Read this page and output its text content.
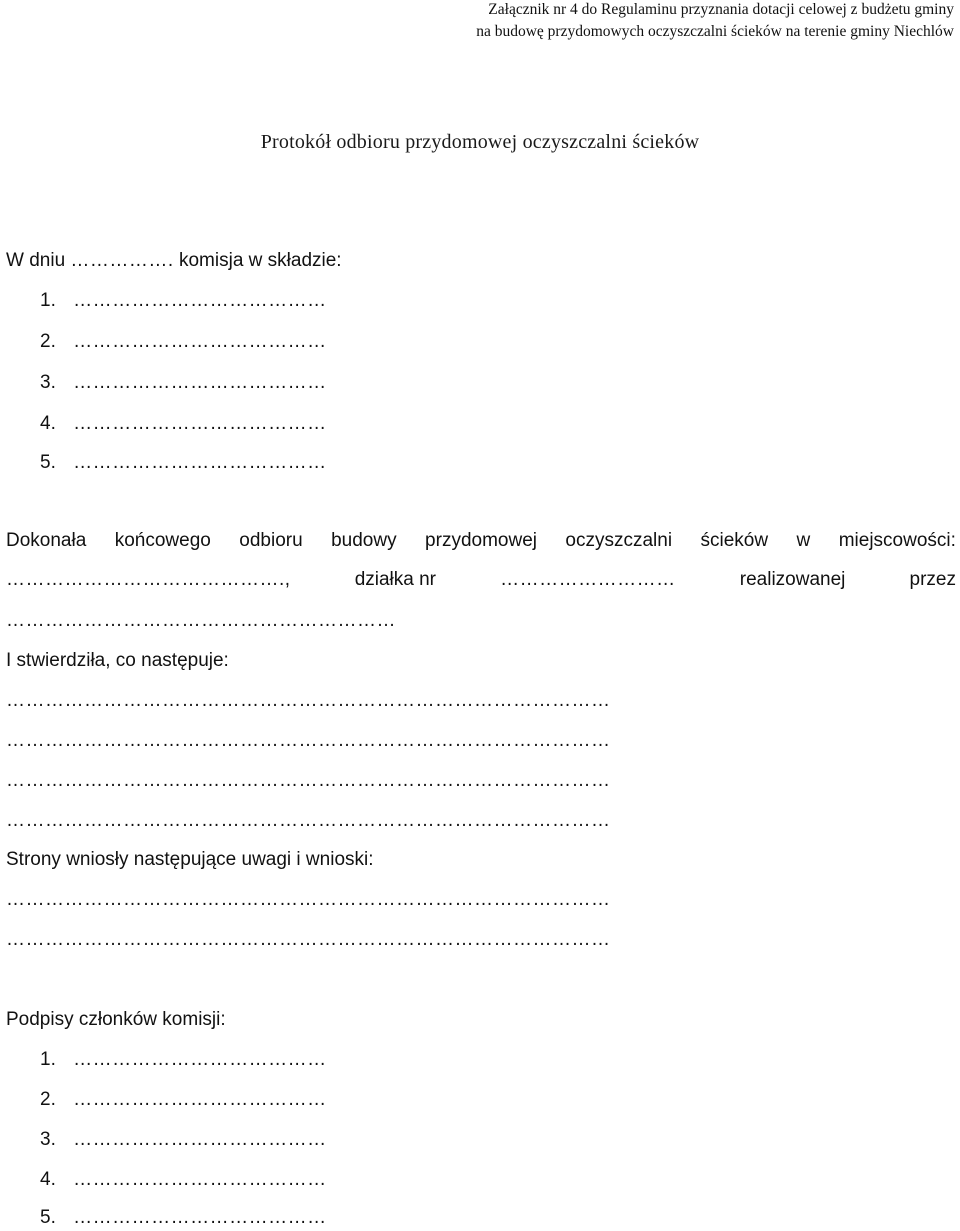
Załącznik nr 4 do Regulaminu przyznania dotacji celowej z budżetu gminy
na budowę przydomowych oczyszczalni ścieków na terenie gminy Niechlów
Protokół odbioru przydomowej oczyszczalni ścieków
W dniu ……………. komisja w składzie:
1. …………………………………
2. …………………………………
3. …………………………………
4. …………………………………
5. …………………………………
Dokonała końcowego odbioru budowy przydomowej oczyszczalni ścieków w miejscowości:
…………………………………….,	działka nr	………………………	realizowanej	przez
……………………………………………………
I stwierdziła, co następuje:
…………………………………………………………………………………
…………………………………………………………………………………
…………………………………………………………………………………
…………………………………………………………………………………
Strony wniosły następujące uwagi i wnioski:
…………………………………………………………………………………
…………………………………………………………………………………
Podpisy członków komisji:
1. …………………………………
2. …………………………………
3. …………………………………
4. …………………………………
5. …………………………………
